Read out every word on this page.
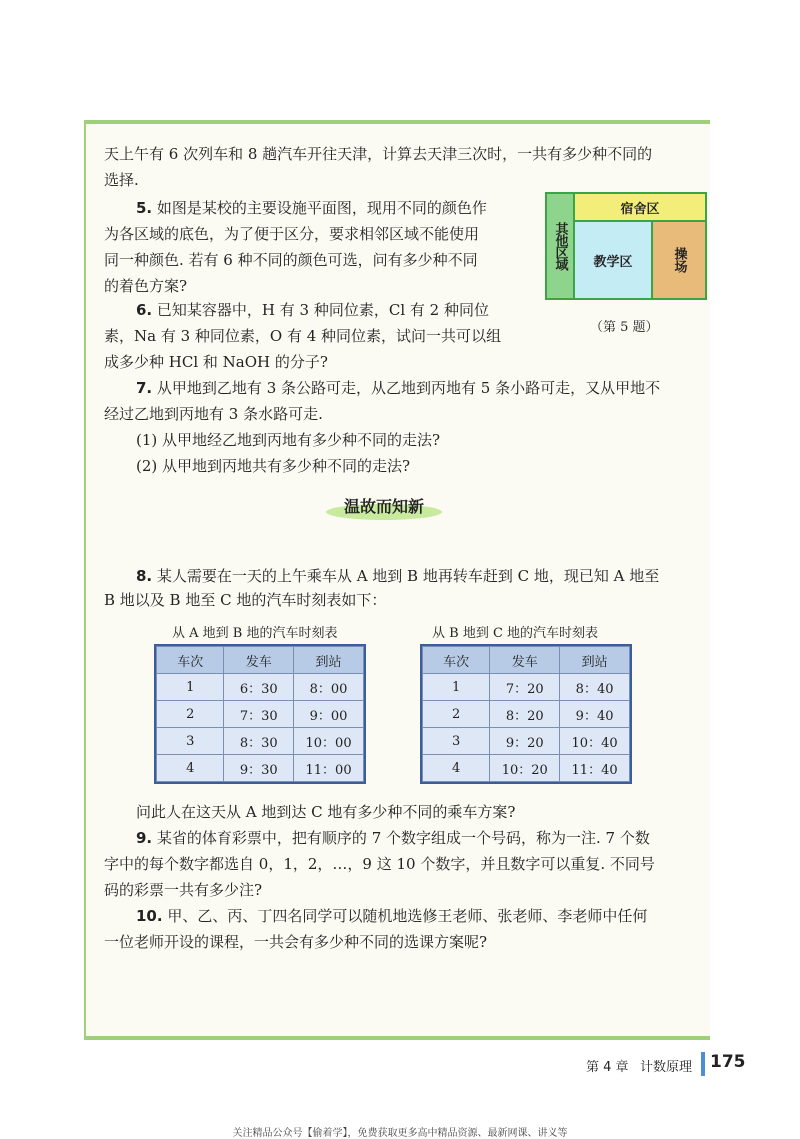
天上午有 6 次列车和 8 趟汽车开往天津，计算去天津三次时，一共有多少种不同的
选择.
5. 如图是某校的主要设施平面图，现用不同的颜色作
为各区域的底色，为了便于区分，要求相邻区域不能使用
同一种颜色. 若有 6 种不同的颜色可选，问有多少种不同
的着色方案?
其他区域
宿舍区
教学区	操场
（第 5 题）
6. 已知某容器中，H 有 3 种同位素，Cl 有 2 种同位
素，Na 有 3 种同位素，O 有 4 种同位素，试问一共可以组
成多少种 HCl 和 NaOH 的分子?
7. 从甲地到乙地有 3 条公路可走，从乙地到丙地有 5 条小路可走，又从甲地不
经过乙地到丙地有 3 条水路可走.
(1) 从甲地经乙地到丙地有多少种不同的走法?
(2) 从甲地到丙地共有多少种不同的走法?
温故而知新
8. 某人需要在一天的上午乘车从 A 地到 B 地再转车赶到 C 地，现已知 A 地至
B 地以及 B 地至 C 地的汽车时刻表如下：
从 A 地到 B 地的汽车时刻表
车次	发车	到站
1	6：30	8：00
2	7：30	9：00
3	8：30	10：00
4	9：30	11：00
从 B 地到 C 地的汽车时刻表
车次	发车	到站
1	7：20	8：40
2	8：20	9：40
3	9：20	10：40
4	10：20	11：40
问此人在这天从 A 地到达 C 地有多少种不同的乘车方案?
9. 某省的体育彩票中，把有顺序的 7 个数字组成一个号码，称为一注. 7 个数
字中的每个数字都选自 0，1，2，…，9 这 10 个数字，并且数字可以重复. 不同号
码的彩票一共有多少注?
10. 甲、乙、丙、丁四名同学可以随机地选修王老师、张老师、李老师中任何
一位老师开设的课程，一共会有多少种不同的选课方案呢?
第 4 章 计数原理 175
关注精品公众号【偷着学】，免费获取更多高中精品资源、最新网课、讲义等
